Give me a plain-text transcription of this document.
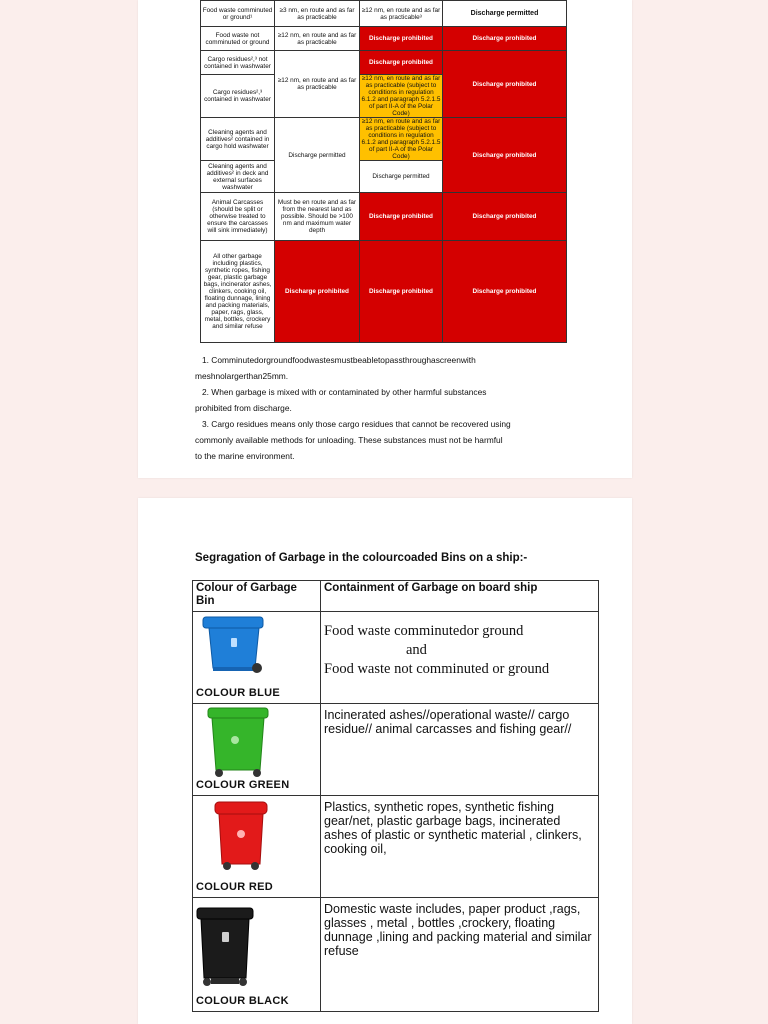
Food waste comminuted or ground¹	≥3 nm, en route and as far as practicable	≥12 nm, en route and as far as practicable³	Discharge permitted
Food waste not comminuted or ground	≥12 nm, en route and as far as practicable	Discharge prohibited	Discharge prohibited
Cargo residues²,³ not contained in washwater	≥12 nm, en route and as far as practicable	Discharge prohibited	Discharge prohibited
Cargo residues²,³ contained in washwater		≥12 nm, en route and as far as practicable (subject to conditions in regulation 6.1.2 and paragraph 5.2.1.5 of part II-A of the Polar Code)	
Cleaning agents and additives² contained in cargo hold washwater	Discharge permitted	≥12 nm, en route and as far as practicable (subject to conditions in regulation 6.1.2 and paragraph 5.2.1.5 of part II-A of the Polar Code)	Discharge prohibited
Cleaning agents and additives² in deck and external surfaces washwater		Discharge permitted	
Animal Carcasses (should be split or otherwise treated to ensure the carcasses will sink immediately)	Must be en route and as far from the nearest land as possible. Should be >100 nm and maximum water depth	Discharge prohibited	Discharge prohibited
All other garbage including plastics, synthetic ropes, fishing gear, plastic garbage bags, incinerator ashes, clinkers, cooking oil, floating dunnage, lining and packing materials, paper, rags, glass, metal, bottles, crockery and similar refuse	Discharge prohibited	Discharge prohibited	Discharge prohibited

1. Comminutedorgroundfoodwastesmustbeabletopassthroughascreenwith

meshnolargerthan25mm.

2. When garbage is mixed with or contaminated by other harmful substances

prohibited from discharge.

3. Cargo residues means only those cargo residues that cannot be recovered using

commonly available methods for unloading. These substances must not be harmful

to the marine environment.

Segragation of Garbage in the colourcoaded Bins on a ship:-

Colour of Garbage Bin	Containment of Garbage on board ship

COLOUR BLUE	Food waste comminutedor ground
and
Food waste not comminuted or ground

COLOUR GREEN	Incinerated ashes//operational waste// cargo residue// animal carcasses and fishing gear//

COLOUR RED	Plastics, synthetic ropes, synthetic fishing gear/net, plastic garbage bags, incinerated ashes of plastic or synthetic material , clinkers, cooking oil,

COLOUR BLACK	Domestic waste includes, paper product ,rags, glasses , metal , bottles ,crockery, floating dunnage ,lining and packing material and similar refuse
